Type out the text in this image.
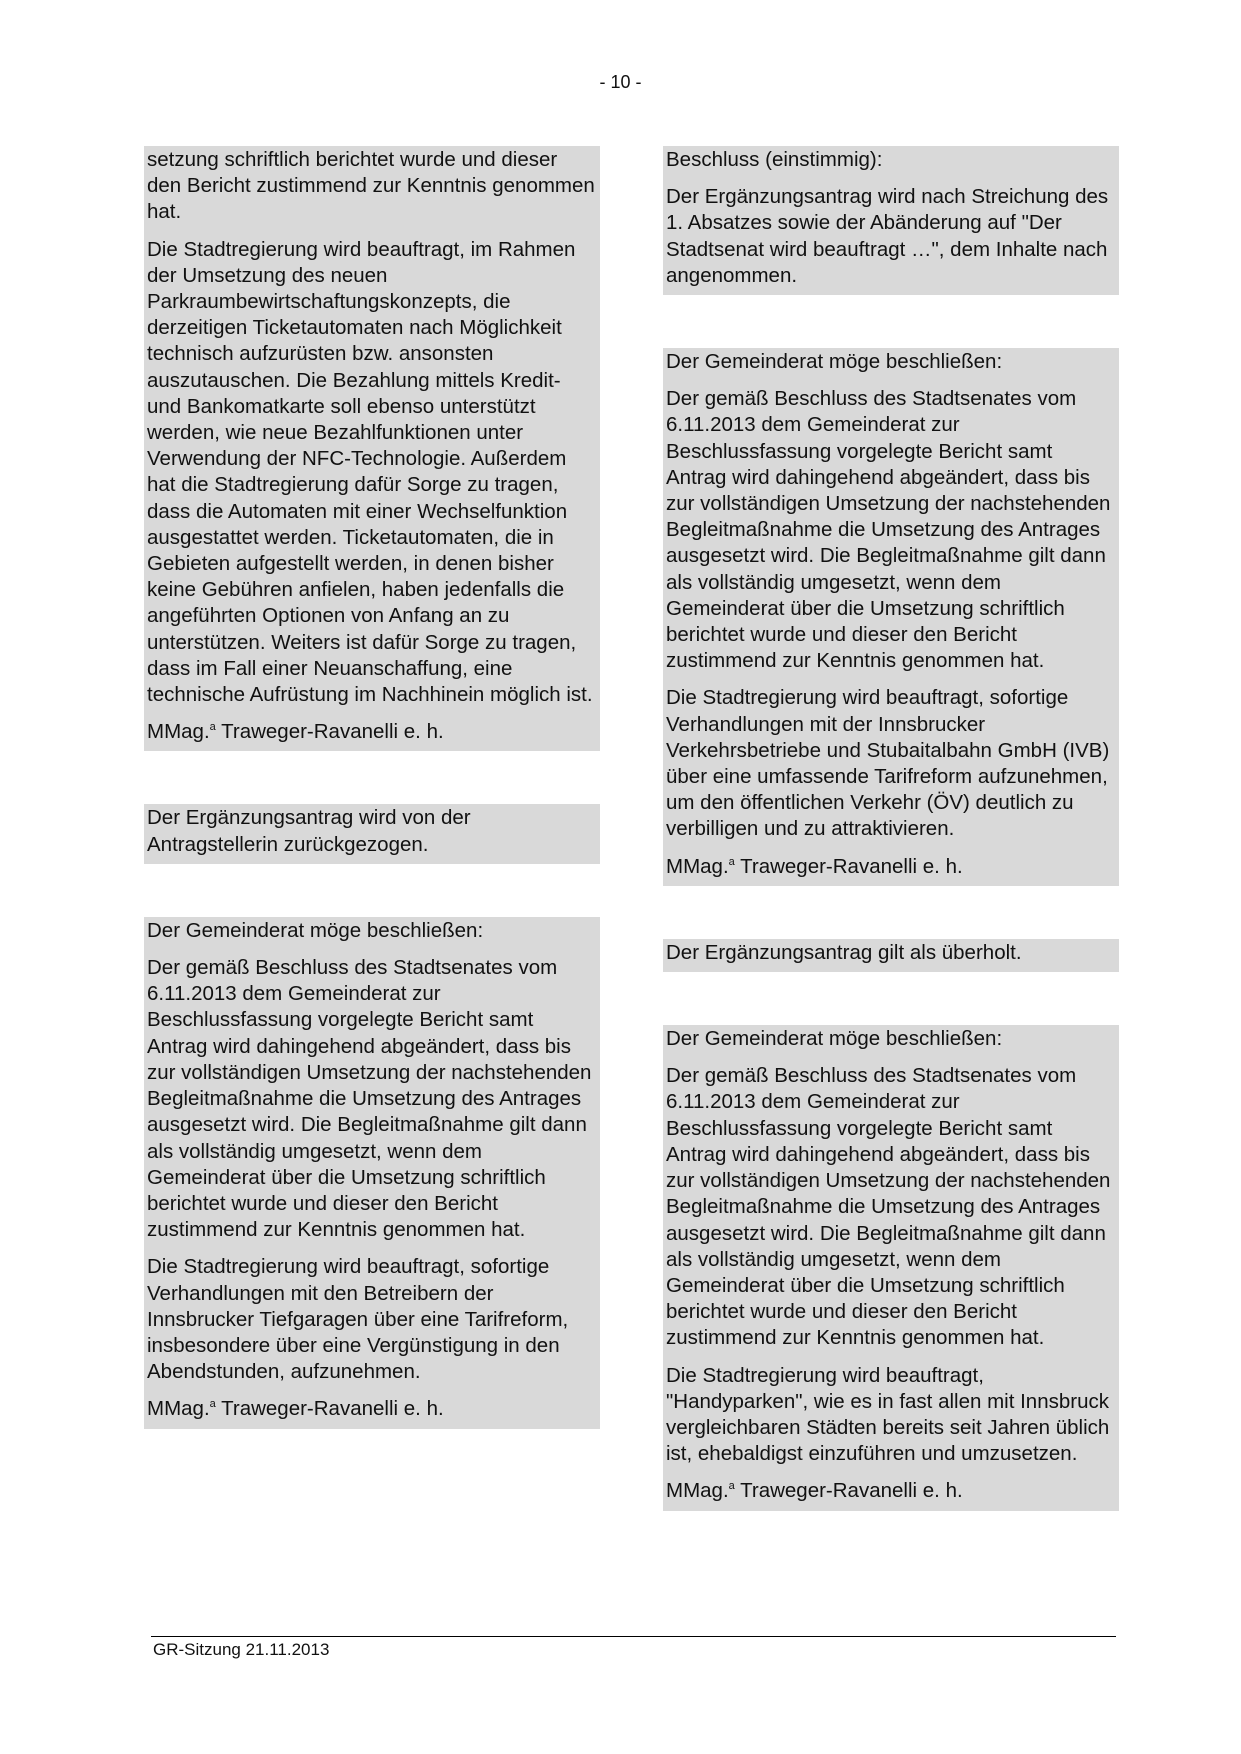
- 10 -

setzung schriftlich berichtet wurde und dieser den Bericht zustimmend zur Kenntnis genommen hat.

Die Stadtregierung wird beauftragt, im Rahmen der Umsetzung des neuen Parkraumbewirtschaftungskonzepts, die derzeitigen Ticketautomaten nach Möglichkeit technisch aufzurüsten bzw. ansonsten auszutauschen. Die Bezahlung mittels Kredit- und Bankomatkarte soll ebenso unterstützt werden, wie neue Bezahlfunktionen unter Verwendung der NFC-Technologie. Außerdem hat die Stadtregierung dafür Sorge zu tragen, dass die Automaten mit einer Wechselfunktion ausgestattet werden. Ticketautomaten, die in Gebieten aufgestellt werden, in denen bisher keine Gebühren anfielen, haben jedenfalls die angeführten Optionen von Anfang an zu unterstützen. Weiters ist dafür Sorge zu tragen, dass im Fall einer Neuanschaffung, eine technische Aufrüstung im Nachhinein möglich ist.

MMag.$^a$ Traweger-Ravanelli e. h.

Der Ergänzungsantrag wird von der Antragstellerin zurückgezogen.

Der Gemeinderat möge beschließen:

Der gemäß Beschluss des Stadtsenates vom 6.11.2013 dem Gemeinderat zur Beschlussfassung vorgelegte Bericht samt Antrag wird dahingehend abgeändert, dass bis zur vollständigen Umsetzung der nachstehenden Begleitmaßnahme die Umsetzung des Antrages ausgesetzt wird. Die Begleitmaßnahme gilt dann als vollständig umgesetzt, wenn dem Gemeinderat über die Umsetzung schriftlich berichtet wurde und dieser den Bericht zustimmend zur Kenntnis genommen hat.

Die Stadtregierung wird beauftragt, sofortige Verhandlungen mit den Betreibern der Innsbrucker Tiefgaragen über eine Tarifreform, insbesondere über eine Vergünstigung in den Abendstunden, aufzunehmen.

MMag.$^a$ Traweger-Ravanelli e. h.

Beschluss (einstimmig):

Der Ergänzungsantrag wird nach Streichung des 1. Absatzes sowie der Abänderung auf "Der Stadtsenat wird beauftragt …", dem Inhalte nach angenommen.

Der Gemeinderat möge beschließen:

Der gemäß Beschluss des Stadtsenates vom 6.11.2013 dem Gemeinderat zur Beschlussfassung vorgelegte Bericht samt Antrag wird dahingehend abgeändert, dass bis zur vollständigen Umsetzung der nachstehenden Begleitmaßnahme die Umsetzung des Antrages ausgesetzt wird. Die Begleitmaßnahme gilt dann als vollständig umgesetzt, wenn dem Gemeinderat über die Umsetzung schriftlich berichtet wurde und dieser den Bericht zustimmend zur Kenntnis genommen hat.

Die Stadtregierung wird beauftragt, sofortige Verhandlungen mit der Innsbrucker Verkehrsbetriebe und Stubaitalbahn GmbH (IVB) über eine umfassende Tarifreform aufzunehmen, um den öffentlichen Verkehr (ÖV) deutlich zu verbilligen und zu attraktivieren.

MMag.$^a$ Traweger-Ravanelli e. h.

Der Ergänzungsantrag gilt als überholt.

Der Gemeinderat möge beschließen:

Der gemäß Beschluss des Stadtsenates vom 6.11.2013 dem Gemeinderat zur Beschlussfassung vorgelegte Bericht samt Antrag wird dahingehend abgeändert, dass bis zur vollständigen Umsetzung der nachstehenden Begleitmaßnahme die Umsetzung des Antrages ausgesetzt wird. Die Begleitmaßnahme gilt dann als vollständig umgesetzt, wenn dem Gemeinderat über die Umsetzung schriftlich berichtet wurde und dieser den Bericht zustimmend zur Kenntnis genommen hat.

Die Stadtregierung wird beauftragt, "Handyparken", wie es in fast allen mit Innsbruck vergleichbaren Städten bereits seit Jahren üblich ist, ehebaldigst einzuführen und umzusetzen.

MMag.$^a$ Traweger-Ravanelli e. h.

GR-Sitzung 21.11.2013
